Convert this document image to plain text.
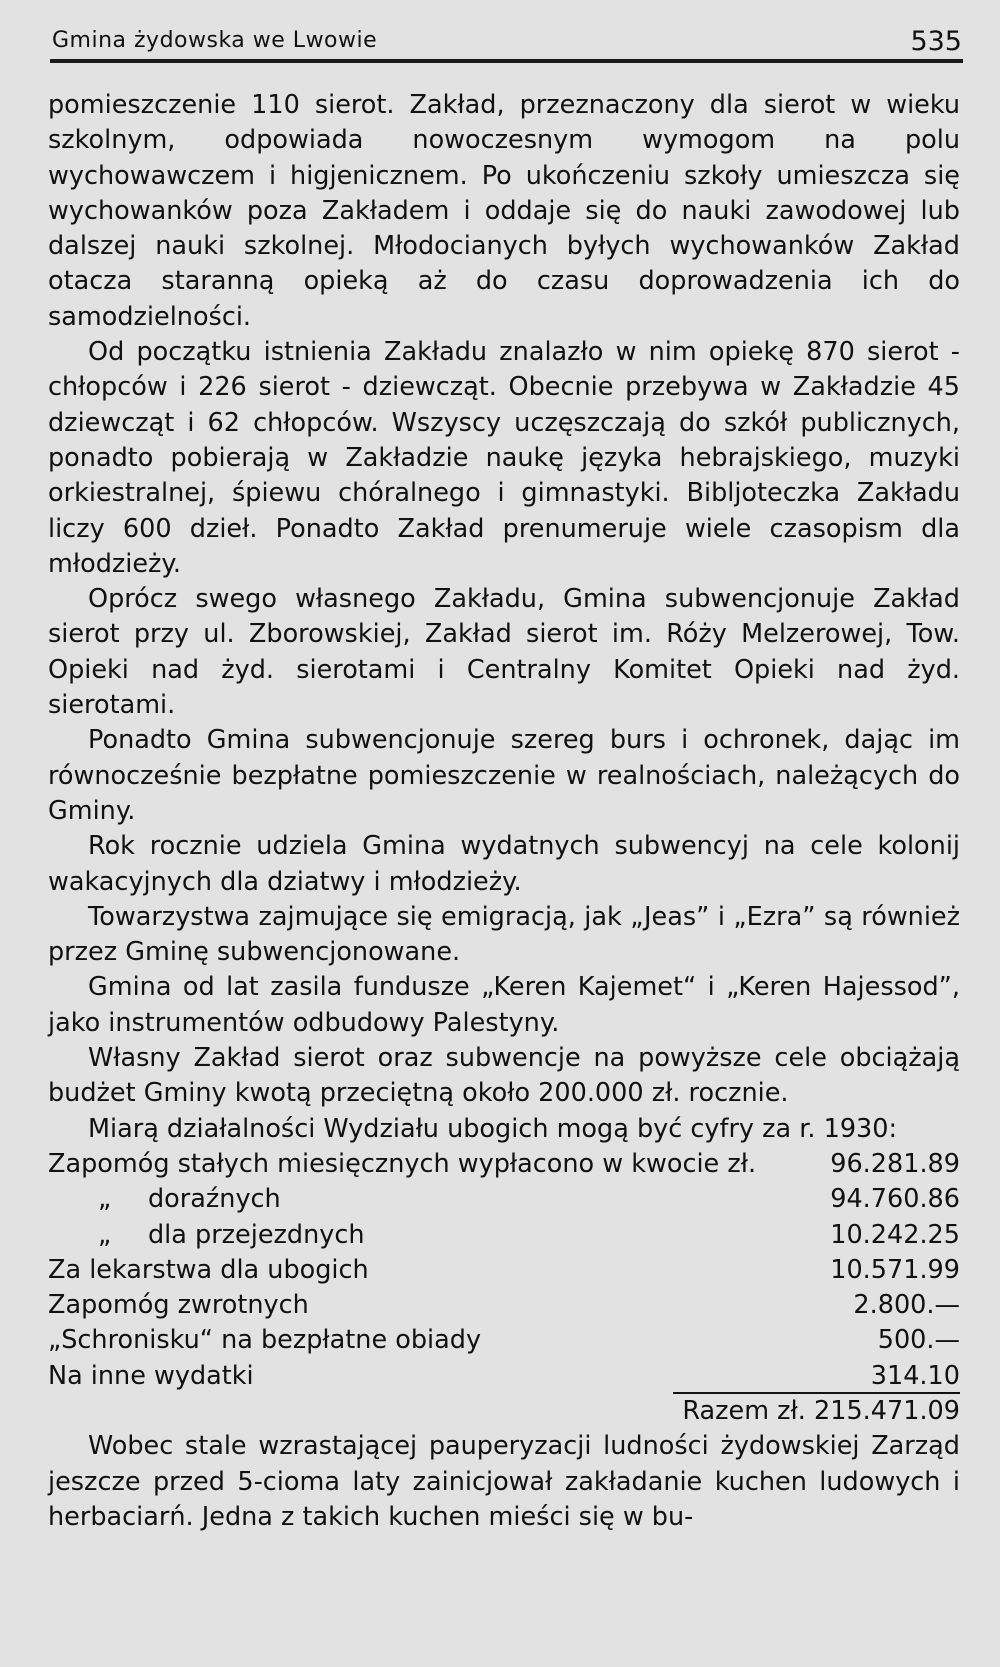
Gmina żydowska we Lwowie	535

pomieszczenie 110 sierot. Zakład, przeznaczony dla sierot w wieku szkolnym, odpowiada nowoczesnym wymogom na polu wychowawczem i higjenicznem. Po ukończeniu szkoły umieszcza się wychowanków poza Zakładem i oddaje się do nauki zawodowej lub dalszej nauki szkolnej. Młodocianych byłych wychowanków Zakład otacza staranną opieką aż do czasu doprowadzenia ich do samodzielności.

Od początku istnienia Zakładu znalazło w nim opiekę 870 sierot - chłopców i 226 sierot - dziewcząt. Obecnie przebywa w Zakładzie 45 dziewcząt i 62 chłopców. Wszyscy uczęszczają do szkół publicznych, ponadto pobierają w Zakładzie naukę języka hebrajskiego, muzyki orkiestralnej, śpiewu chóralnego i gimnastyki. Bibljoteczka Zakładu liczy 600 dzieł. Ponadto Zakład prenumeruje wiele czasopism dla młodzieży.

Oprócz swego własnego Zakładu, Gmina subwencjonuje Zakład sierot przy ul. Zborowskiej, Zakład sierot im. Róży Melzerowej, Tow. Opieki nad żyd. sierotami i Centralny Komitet Opieki nad żyd. sierotami.

Ponadto Gmina subwencjonuje szereg burs i ochronek, dając im równocześnie bezpłatne pomieszczenie w realnościach, należących do Gminy.

Rok rocznie udziela Gmina wydatnych subwencyj na cele kolonij wakacyjnych dla dziatwy i młodzieży.

Towarzystwa zajmujące się emigracją, jak „Jeas” i „Ezra” są również przez Gminę subwencjonowane.

Gmina od lat zasila fundusze „Keren Kajemet“ i „Keren Hajessod”, jako instrumentów odbudowy Palestyny.

Własny Zakład sierot oraz subwencje na powyższe cele obciążają budżet Gminy kwotą przeciętną około 200.000 zł. rocznie.

Miarą działalności Wydziału ubogich mogą być cyfry za r. 1930:

Zapomóg stałych miesięcznych wypłacono w kwocie zł.	96.281.89
„ doraźnych	94.760.86
„ dla przejezdnych	10.242.25
Za lekarstwa dla ubogich	10.571.99
Zapomóg zwrotnych	2.800.—
„Schronisku“ na bezpłatne obiady	500.—
Na inne wydatki	314.10
Razem zł. 215.471.09

Wobec stale wzrastającej pauperyzacji ludności żydowskiej Zarząd jeszcze przed 5-cioma laty zainicjował zakładanie kuchen ludowych i herbaciarń. Jedna z takich kuchen mieści się w bu-
